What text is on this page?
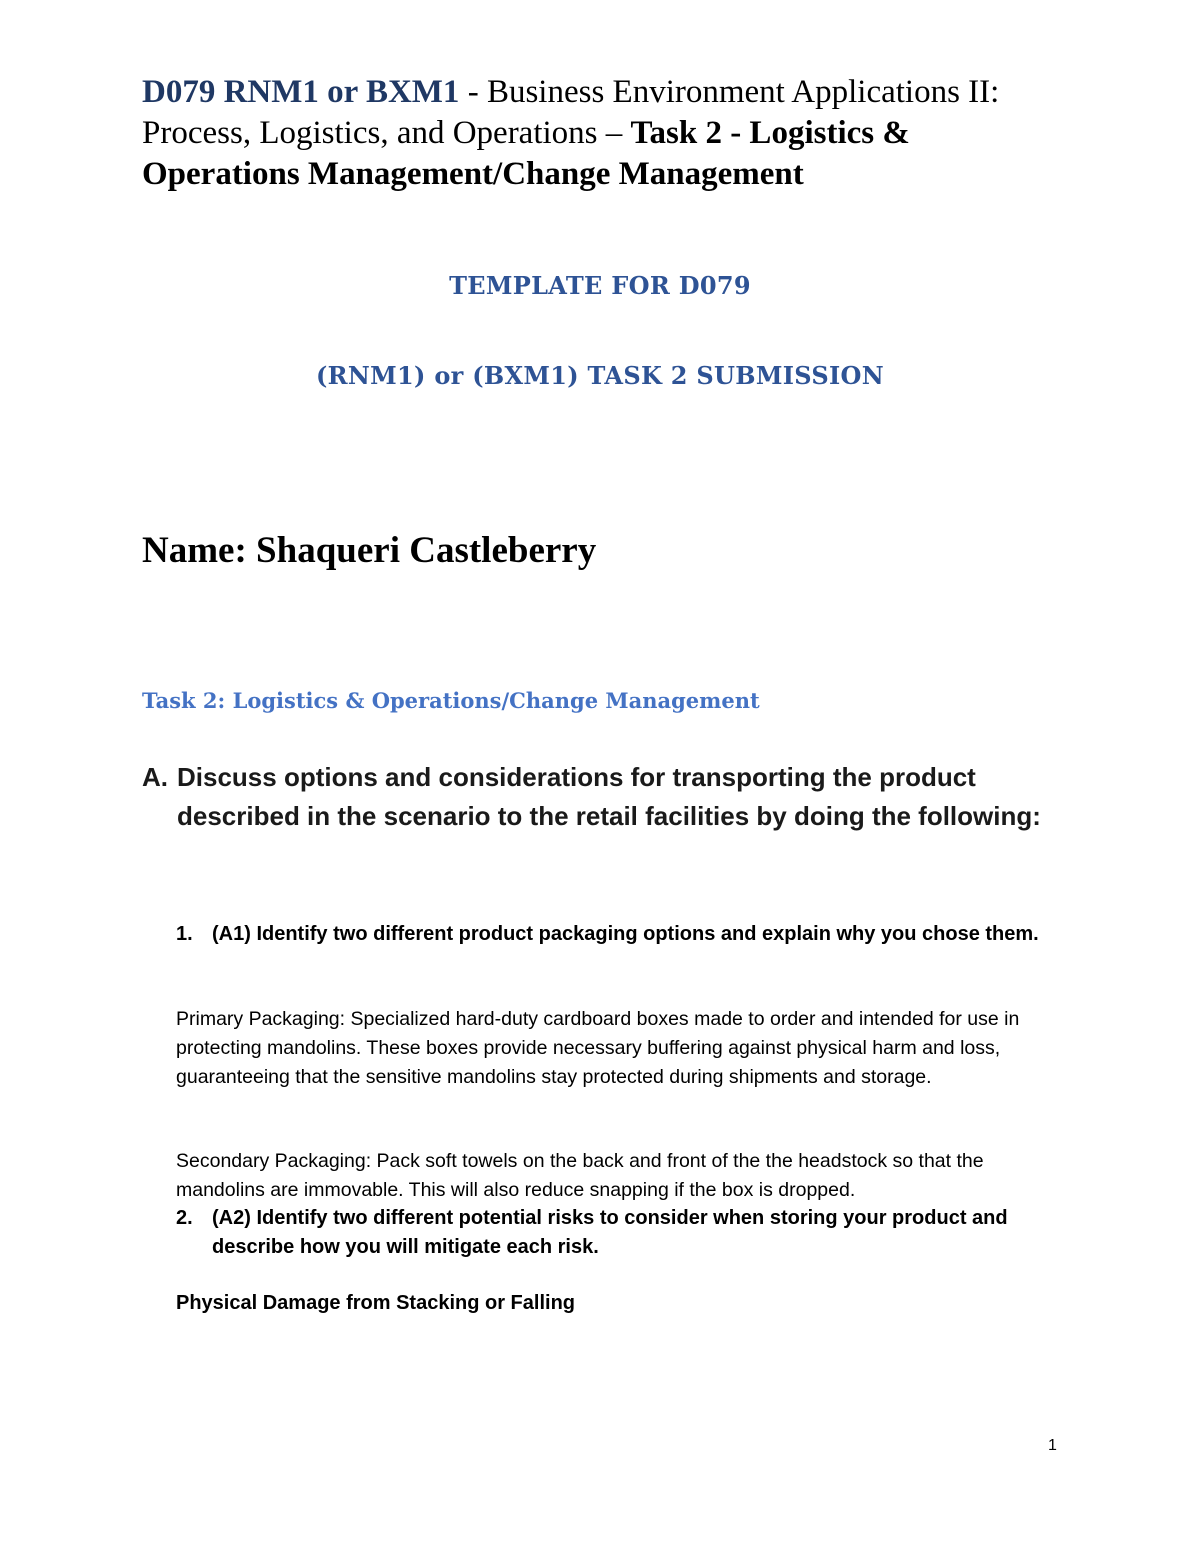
D079 RNM1 or BXM1 - Business Environment Applications II: Process, Logistics, and Operations – Task 2 - Logistics & Operations Management/Change Management
TEMPLATE FOR D079
(RNM1) or (BXM1) TASK 2 SUBMISSION
Name: Shaqueri Castleberry
Task 2: Logistics & Operations/Change Management
A. Discuss options and considerations for transporting the product described in the scenario to the retail facilities by doing the following:
1. (A1) Identify two different product packaging options and explain why you chose them.
Primary Packaging: Specialized hard-duty cardboard boxes made to order and intended for use in protecting mandolins. These boxes provide necessary buffering against physical harm and loss, guaranteeing that the sensitive mandolins stay protected during shipments and storage.
Secondary Packaging: Pack soft towels on the back and front of the the headstock so that the mandolins are immovable. This will also reduce snapping if the box is dropped.
2. (A2) Identify two different potential risks to consider when storing your product and describe how you will mitigate each risk.
Physical Damage from Stacking or Falling
1
